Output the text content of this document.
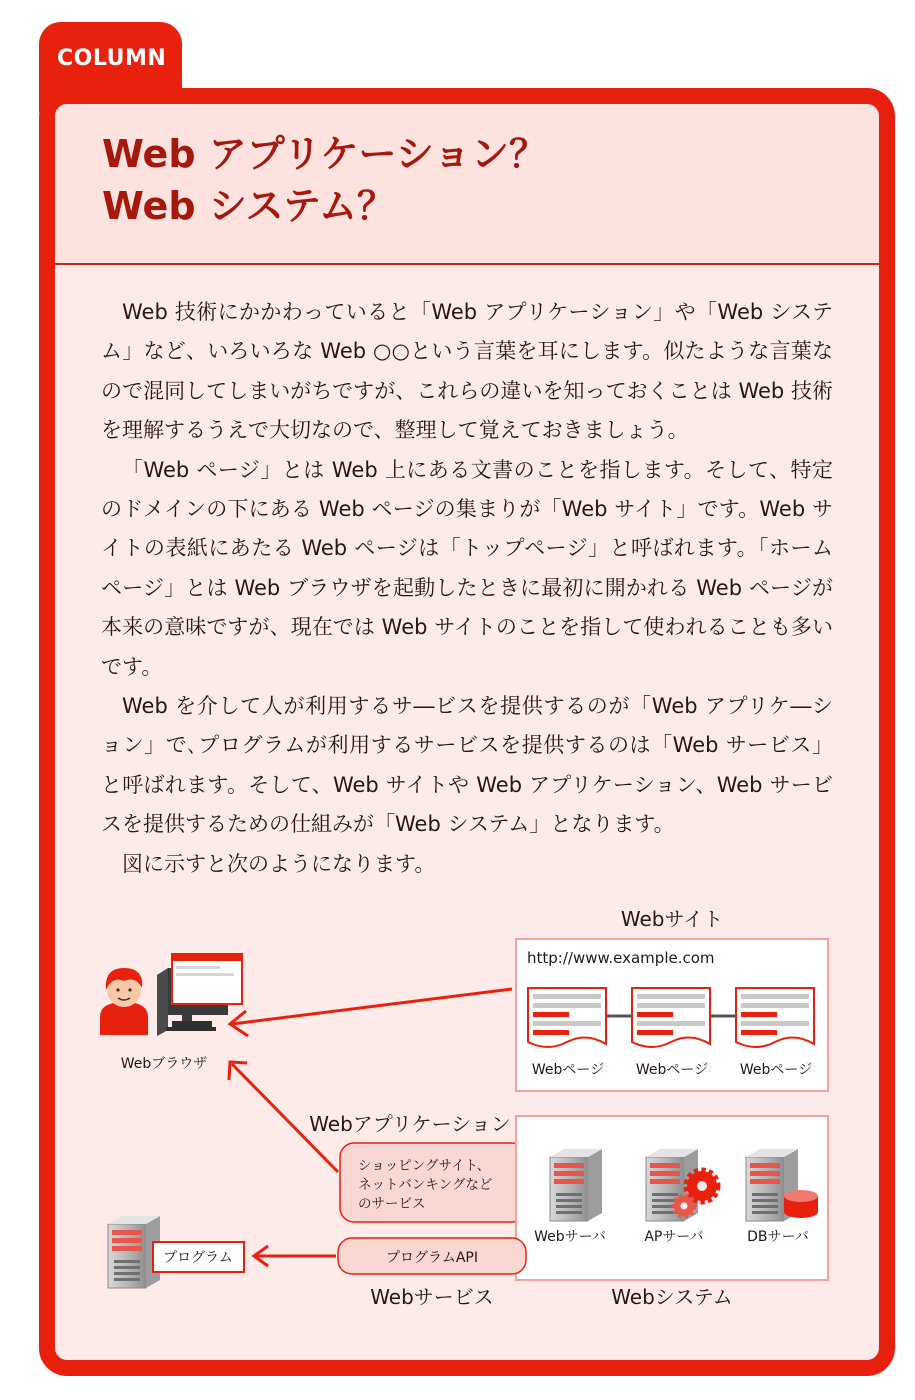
COLUMN
Web アプリケーション？
Web システム？

Web 技術にかかわっていると「Web アプリケーション」や「Web システム」など、いろいろな Web ○○という言葉を耳にします。似たような言葉なので混同してしまいがちですが、これらの違いを知っておくことは Web 技術を理解するうえで大切なので、整理して覚えておきましょう。

「Web ページ」とは Web 上にある文書のことを指します。そして、特定のドメインの下にある Web ページの集まりが「Web サイト」です。Web サイトの表紙にあたる Web ページは「トップページ」と呼ばれます。「ホームページ」とは Web ブラウザを起動したときに最初に開かれる Web ページが本来の意味ですが、現在では Web サイトのことを指して使われることも多いです。

Web を介して人が利用するサ―ビスを提供するのが「Web アプリケ―ション」で､プログラムが利用するサービスを提供するのは「Web サービス」と呼ばれます。そして、Web サイトや Web アプリケーション、Web サービスを提供するための仕組みが「Web システム」となります。

図に示すと次のようになります。

Webサイト
http://www.example.com
Webページ Webページ Webページ
Webブラウザ
Webアプリケーション
ショッピングサイト、
ネットバンキングなど
のサービス
Webサーバ	APサーバ	DBサーバ
Webシステム
プログラムAPI
Webサービス
プログラム
